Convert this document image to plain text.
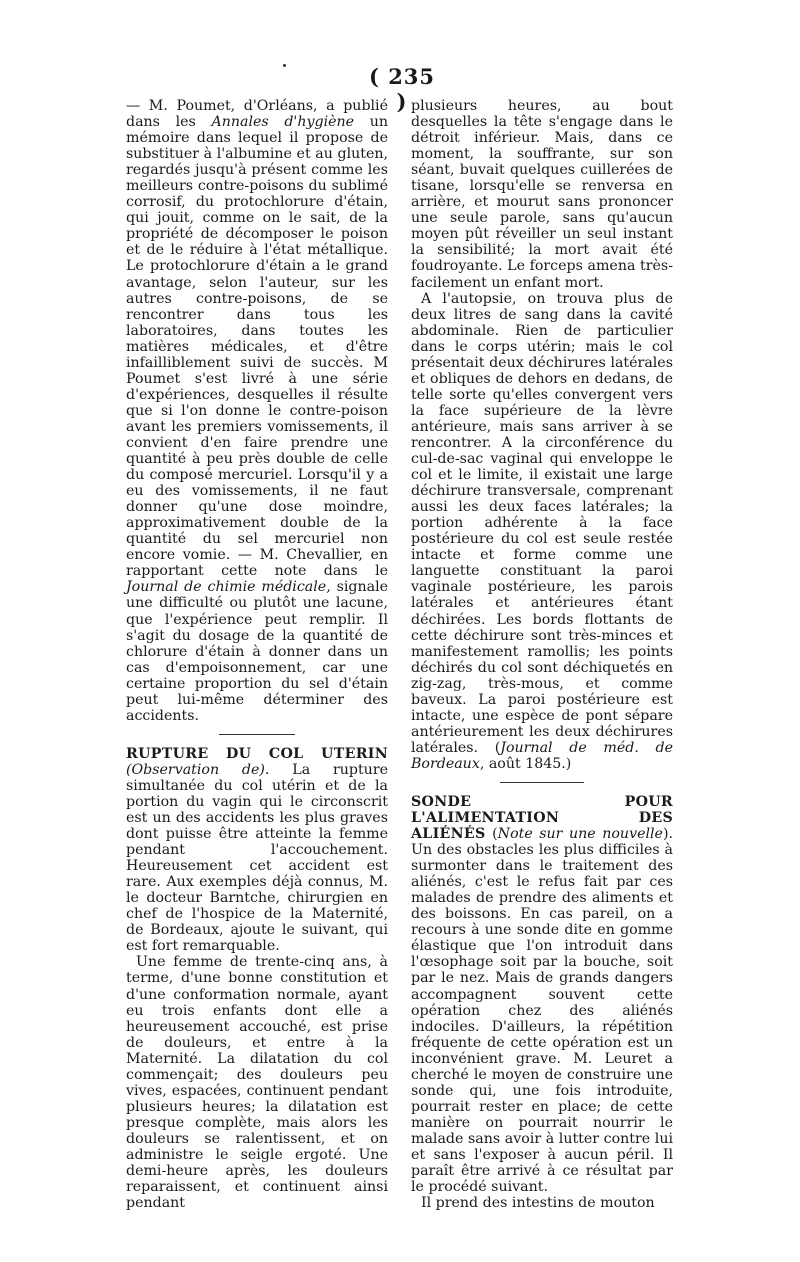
( 235 )

— M. Poumet, d'Orléans, a publié dans les Annales d'hygiène un mémoire dans lequel il propose de substituer à l'albumine et au gluten, regardés jusqu'à présent comme les meilleurs contre-poisons du sublimé corrosif, du protochlorure d'étain, qui jouit, comme on le sait, de la propriété de décomposer le poison et de le réduire à l'état métallique. Le protochlorure d'étain a le grand avantage, selon l'auteur, sur les autres contre-poisons, de se rencontrer dans tous les laboratoires, dans toutes les matières médicales, et d'être infailliblement suivi de succès. M Poumet s'est livré à une série d'expériences, desquelles il résulte que si l'on donne le contre-poison avant les premiers vomissements, il convient d'en faire prendre une quantité à peu près double de celle du composé mercuriel. Lorsqu'il y a eu des vomissements, il ne faut donner qu'une dose moindre, approximativement double de la quantité du sel mercuriel non encore vomie. — M. Chevallier, en rapportant cette note dans le Journal de chimie médicale, signale une difficulté ou plutôt une lacune, que l'expérience peut remplir. Il s'agit du dosage de la quantité de chlorure d'étain à donner dans un cas d'empoisonnement, car une certaine proportion du sel d'étain peut lui-même déterminer des accidents.

RUPTURE DU COL UTERIN (Observation de). La rupture simultanée du col utérin et de la portion du vagin qui le circonscrit est un des accidents les plus graves dont puisse être atteinte la femme pendant l'accouchement. Heureusement cet accident est rare. Aux exemples déjà connus, M. le docteur Barntche, chirurgien en chef de l'hospice de la Maternité, de Bordeaux, ajoute le suivant, qui est fort remarquable.

Une femme de trente-cinq ans, à terme, d'une bonne constitution et d'une conformation normale, ayant eu trois enfants dont elle a heureusement accouché, est prise de douleurs, et entre à la Maternité. La dilatation du col commençait; des douleurs peu vives, espacées, continuent pendant plusieurs heures; la dilatation est presque complète, mais alors les douleurs se ralentissent, et on administre le seigle ergoté. Une demi-heure après, les douleurs reparaissent, et continuent ainsi pendant

plusieurs heures, au bout desquelles la tête s'engage dans le détroit inférieur. Mais, dans ce moment, la souffrante, sur son séant, buvait quelques cuillerées de tisane, lorsqu'elle se renversa en arrière, et mourut sans prononcer une seule parole, sans qu'aucun moyen pût réveiller un seul instant la sensibilité; la mort avait été foudroyante. Le forceps amena très-facilement un enfant mort.

A l'autopsie, on trouva plus de deux litres de sang dans la cavité abdominale. Rien de particulier dans le corps utérin; mais le col présentait deux déchirures latérales et obliques de dehors en dedans, de telle sorte qu'elles convergent vers la face supérieure de la lèvre antérieure, mais sans arriver à se rencontrer. A la circonférence du cul-de-sac vaginal qui enveloppe le col et le limite, il existait une large déchirure transversale, comprenant aussi les deux faces latérales; la portion adhérente à la face postérieure du col est seule restée intacte et forme comme une languette constituant la paroi vaginale postérieure, les parois latérales et antérieures étant déchirées. Les bords flottants de cette déchirure sont très-minces et manifestement ramollis; les points déchirés du col sont déchiquetés en zig-zag, très-mous, et comme baveux. La paroi postérieure est intacte, une espèce de pont sépare antérieurement les deux déchirures latérales. (Journal de méd. de Bordeaux, août 1845.)

SONDE POUR L'ALIMENTATION DES ALIÉNÉS (Note sur une nouvelle). Un des obstacles les plus difficiles à surmonter dans le traitement des aliénés, c'est le refus fait par ces malades de prendre des aliments et des boissons. En cas pareil, on a recours à une sonde dite en gomme élastique que l'on introduit dans l'œsophage soit par la bouche, soit par le nez. Mais de grands dangers accompagnent souvent cette opération chez des aliénés indociles. D'ailleurs, la répétition fréquente de cette opération est un inconvénient grave. M. Leuret a cherché le moyen de construire une sonde qui, une fois introduite, pourrait rester en place; de cette manière on pourrait nourrir le malade sans avoir à lutter contre lui et sans l'exposer à aucun péril. Il paraît être arrivé à ce résultat par le procédé suivant.

Il prend des intestins de mouton
